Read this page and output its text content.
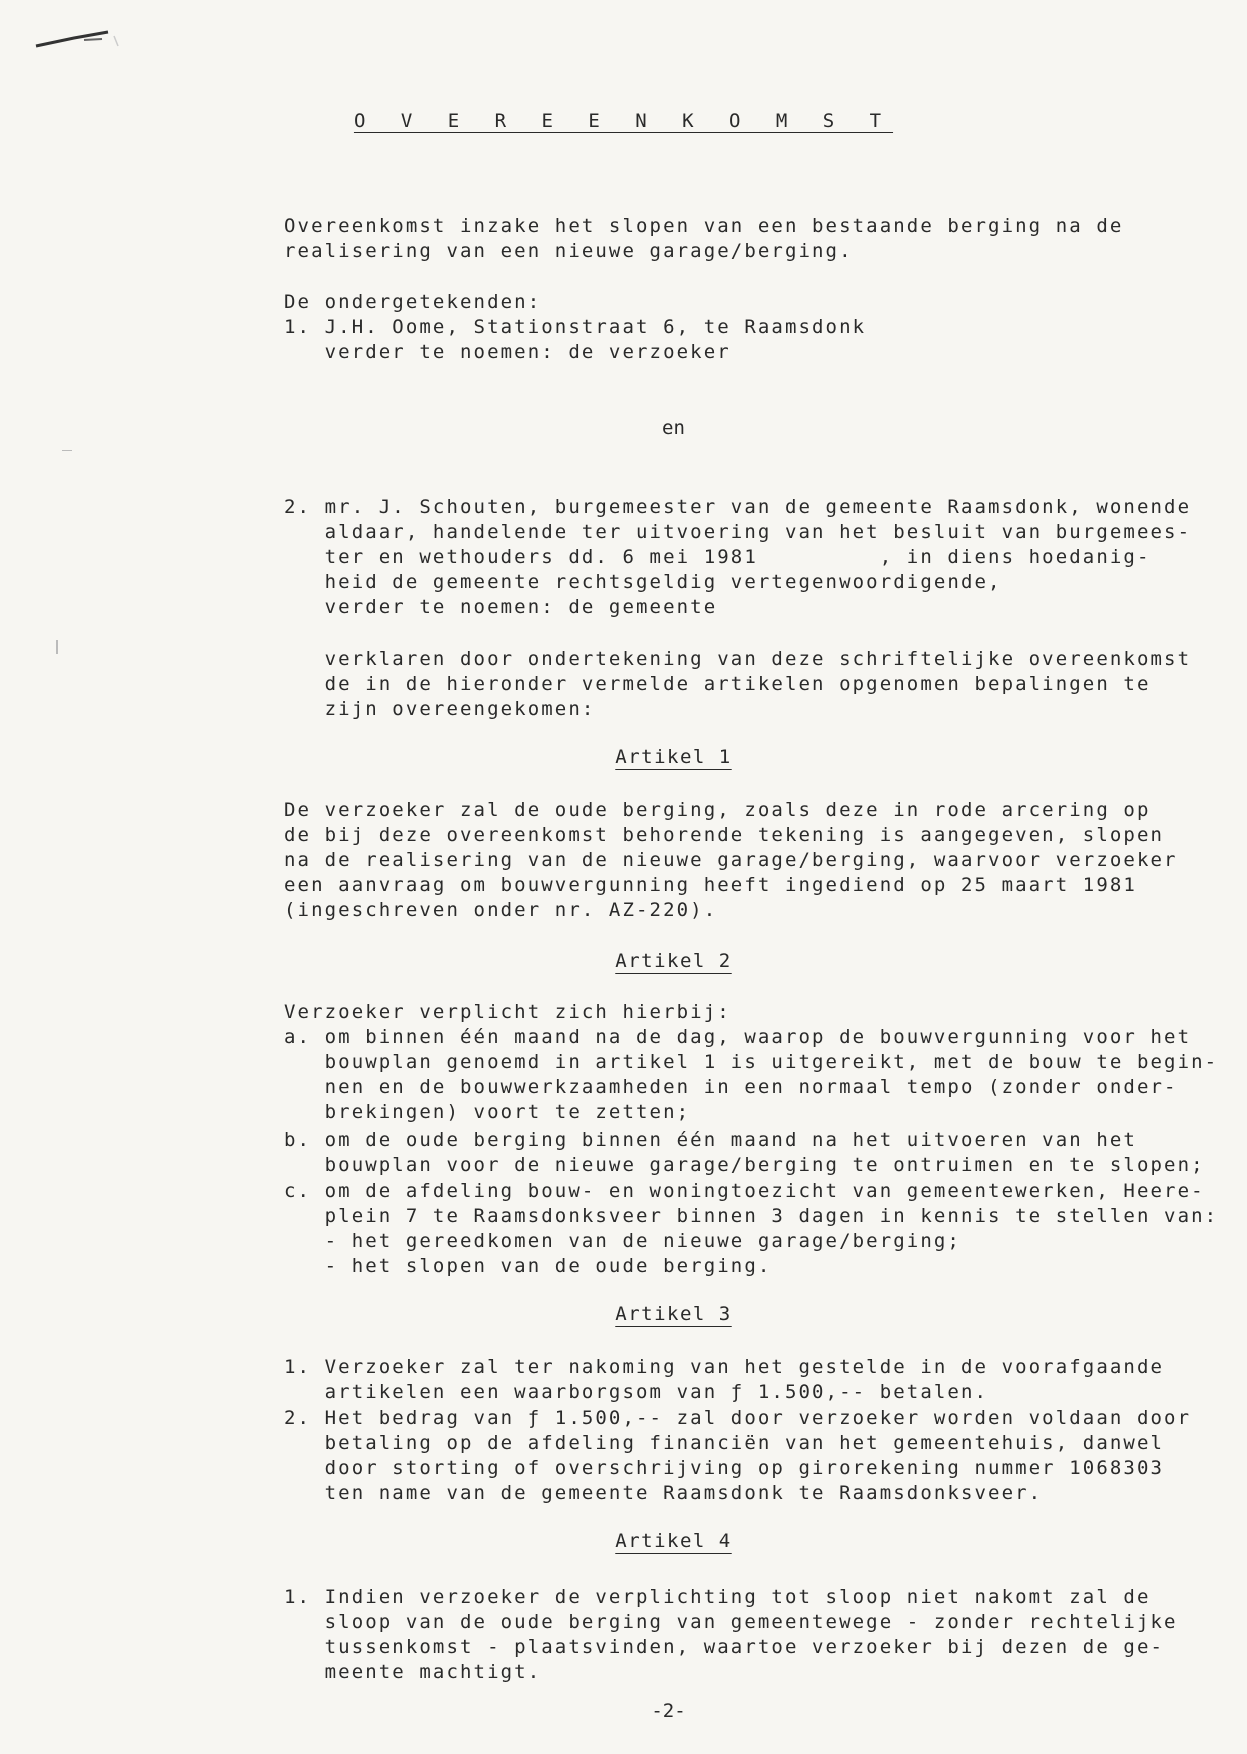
O V E R E E N K O M S T
Overeenkomst inzake het slopen van een bestaande berging na de
realisering van een nieuwe garage/berging.
De ondergetekenden:
1. J.H. Oome, Stationstraat 6, te Raamsdonk
verder te noemen: de verzoeker
en
2. mr. J. Schouten, burgemeester van de gemeente Raamsdonk, wonende
aldaar, handelende ter uitvoering van het besluit van burgemees-
ter en wethouders dd. 6 mei 1981         , in diens hoedanig-
heid de gemeente rechtsgeldig vertegenwoordigende,
verder te noemen: de gemeente
verklaren door ondertekening van deze schriftelijke overeenkomst
de in de hieronder vermelde artikelen opgenomen bepalingen te
zijn overeengekomen:
Artikel 1
De verzoeker zal de oude berging, zoals deze in rode arcering op
de bij deze overeenkomst behorende tekening is aangegeven, slopen
na de realisering van de nieuwe garage/berging, waarvoor verzoeker
een aanvraag om bouwvergunning heeft ingediend op 25 maart 1981
(ingeschreven onder nr. AZ-220).
Artikel 2
Verzoeker verplicht zich hierbij:
a. om binnen één maand na de dag, waarop de bouwvergunning voor het
bouwplan genoemd in artikel 1 is uitgereikt, met de bouw te begin-
nen en de bouwwerkzaamheden in een normaal tempo (zonder onder-
brekingen) voort te zetten;
b. om de oude berging binnen één maand na het uitvoeren van het
bouwplan voor de nieuwe garage/berging te ontruimen en te slopen;
c. om de afdeling bouw- en woningtoezicht van gemeentewerken, Heere-
plein 7 te Raamsdonksveer binnen 3 dagen in kennis te stellen van:
- het gereedkomen van de nieuwe garage/berging;
- het slopen van de oude berging.
Artikel 3
1. Verzoeker zal ter nakoming van het gestelde in de voorafgaande
artikelen een waarborgsom van ƒ 1.500,-- betalen.
2. Het bedrag van ƒ 1.500,-- zal door verzoeker worden voldaan door
betaling op de afdeling financiën van het gemeentehuis, danwel
door storting of overschrijving op girorekening nummer 1068303
ten name van de gemeente Raamsdonk te Raamsdonksveer.
Artikel 4
1. Indien verzoeker de verplichting tot sloop niet nakomt zal de
sloop van de oude berging van gemeentewege - zonder rechtelijke
tussenkomst - plaatsvinden, waartoe verzoeker bij dezen de ge-
meente machtigt.
-2-
